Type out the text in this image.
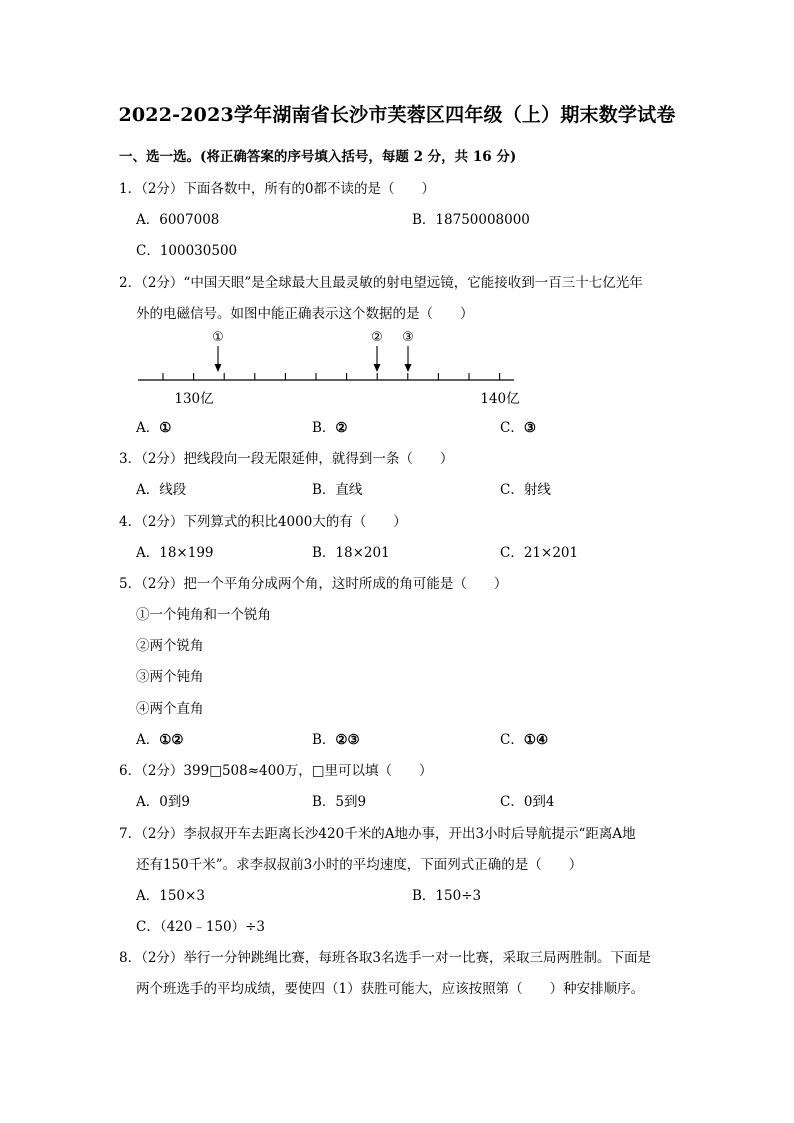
2022-2023学年湖南省长沙市芙蓉区四年级（上）期末数学试卷
一、选一选。(将正确答案的序号填入括号，每题 2 分，共 16 分)
1．（2分）下面各数中，所有的0都不读的是（　　）
A．6007008	B．18750008000
C．100030500
2．（2分）“中国天眼”是全球最大且最灵敏的射电望远镜，它能接收到一百三十七亿光年
外的电磁信号。如图中能正确表示这个数据的是（　　）
①	② ③
130亿	140亿
A．①	B．②	C．③
3．（2分）把线段向一段无限延伸，就得到一条（　　）
A．线段	B．直线	C．射线
4．（2分）下列算式的积比4000大的有（　　）
A．18×199	B．18×201	C．21×201
5．（2分）把一个平角分成两个角，这时所成的角可能是（　　）
①一个钝角和一个锐角
②两个锐角
③两个钝角
④两个直角
A．①②	B．②③	C．①④
6．（2分）399□508≈400万，□里可以填（　　）
A．0到9	B．5到9	C．0到4
7．（2分）李叔叔开车去距离长沙420千米的A地办事，开出3小时后导航提示“距离A地
还有150千米”。求李叔叔前3小时的平均速度，下面列式正确的是（　　）
A．150×3	B．150÷3
C．（420﹣150）÷3
8．（2分）举行一分钟跳绳比赛，每班各取3名选手一对一比赛，采取三局两胜制。下面是
两个班选手的平均成绩，要使四（1）获胜可能大，应该按照第（　　）种安排顺序。
